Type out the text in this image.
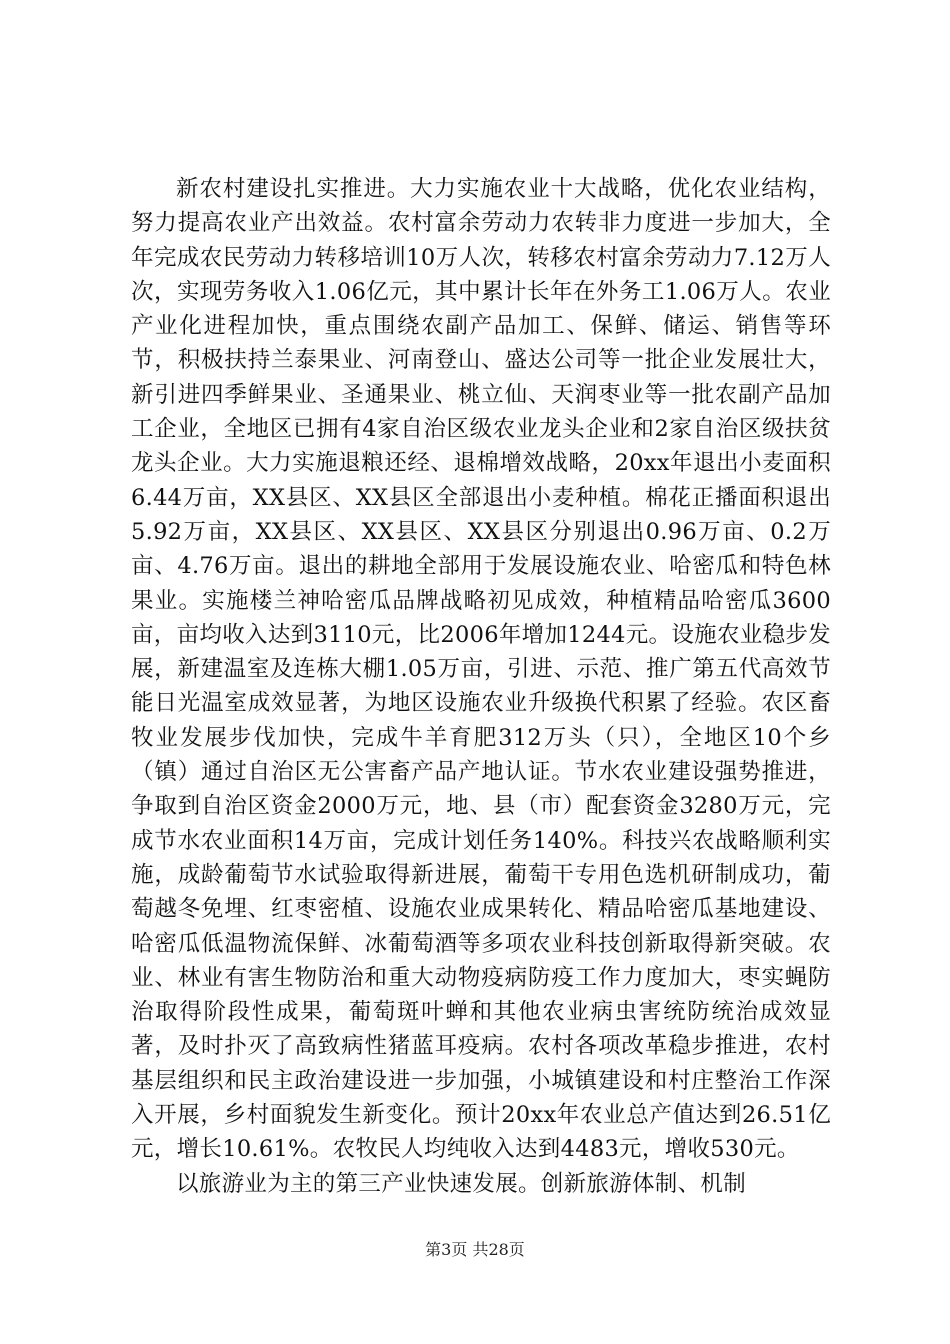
新农村建设扎实推进。大力实施农业十大战略，优化农业结构，努力提高农业产出效益。农村富余劳动力农转非力度进一步加大，全年完成农民劳动力转移培训10万人次，转移农村富余劳动力7.12万人次，实现劳务收入1.06亿元，其中累计长年在外务工1.06万人。农业产业化进程加快，重点围绕农副产品加工、保鲜、储运、销售等环节，积极扶持兰泰果业、河南登山、盛达公司等一批企业发展壮大，新引进四季鲜果业、圣通果业、桃立仙、天润枣业等一批农副产品加工企业，全地区已拥有4家自治区级农业龙头企业和2家自治区级扶贫龙头企业。大力实施退粮还经、退棉增效战略，20xx年退出小麦面积6.44万亩，XX县区、XX县区全部退出小麦种植。棉花正播面积退出5.92万亩，XX县区、XX县区、XX县区分别退出0.96万亩、0.2万亩、4.76万亩。退出的耕地全部用于发展设施农业、哈密瓜和特色林果业。实施楼兰神哈密瓜品牌战略初见成效，种植精品哈密瓜3600亩，亩均收入达到3110元，比2006年增加1244元。设施农业稳步发展，新建温室及连栋大棚1.05万亩，引进、示范、推广第五代高效节能日光温室成效显著，为地区设施农业升级换代积累了经验。农区畜牧业发展步伐加快，完成牛羊育肥312万头（只），全地区10个乡（镇）通过自治区无公害畜产品产地认证。节水农业建设强势推进，争取到自治区资金2000万元，地、县（市）配套资金3280万元，完成节水农业面积14万亩，完成计划任务140%。科技兴农战略顺利实施，成龄葡萄节水试验取得新进展，葡萄干专用色选机研制成功，葡萄越冬免埋、红枣密植、设施农业成果转化、精品哈密瓜基地建设、哈密瓜低温物流保鲜、冰葡萄酒等多项农业科技创新取得新突破。农业、林业有害生物防治和重大动物疫病防疫工作力度加大，枣实蝇防治取得阶段性成果，葡萄斑叶蝉和其他农业病虫害统防统治成效显著，及时扑灭了高致病性猪蓝耳疫病。农村各项改革稳步推进，农村基层组织和民主政治建设进一步加强，小城镇建设和村庄整治工作深入开展，乡村面貌发生新变化。预计20xx年农业总产值达到26.51亿元，增长10.61%。农牧民人均纯收入达到4483元，增收530元。

以旅游业为主的第三产业快速发展。创新旅游体制、机制

第3页 共28页
